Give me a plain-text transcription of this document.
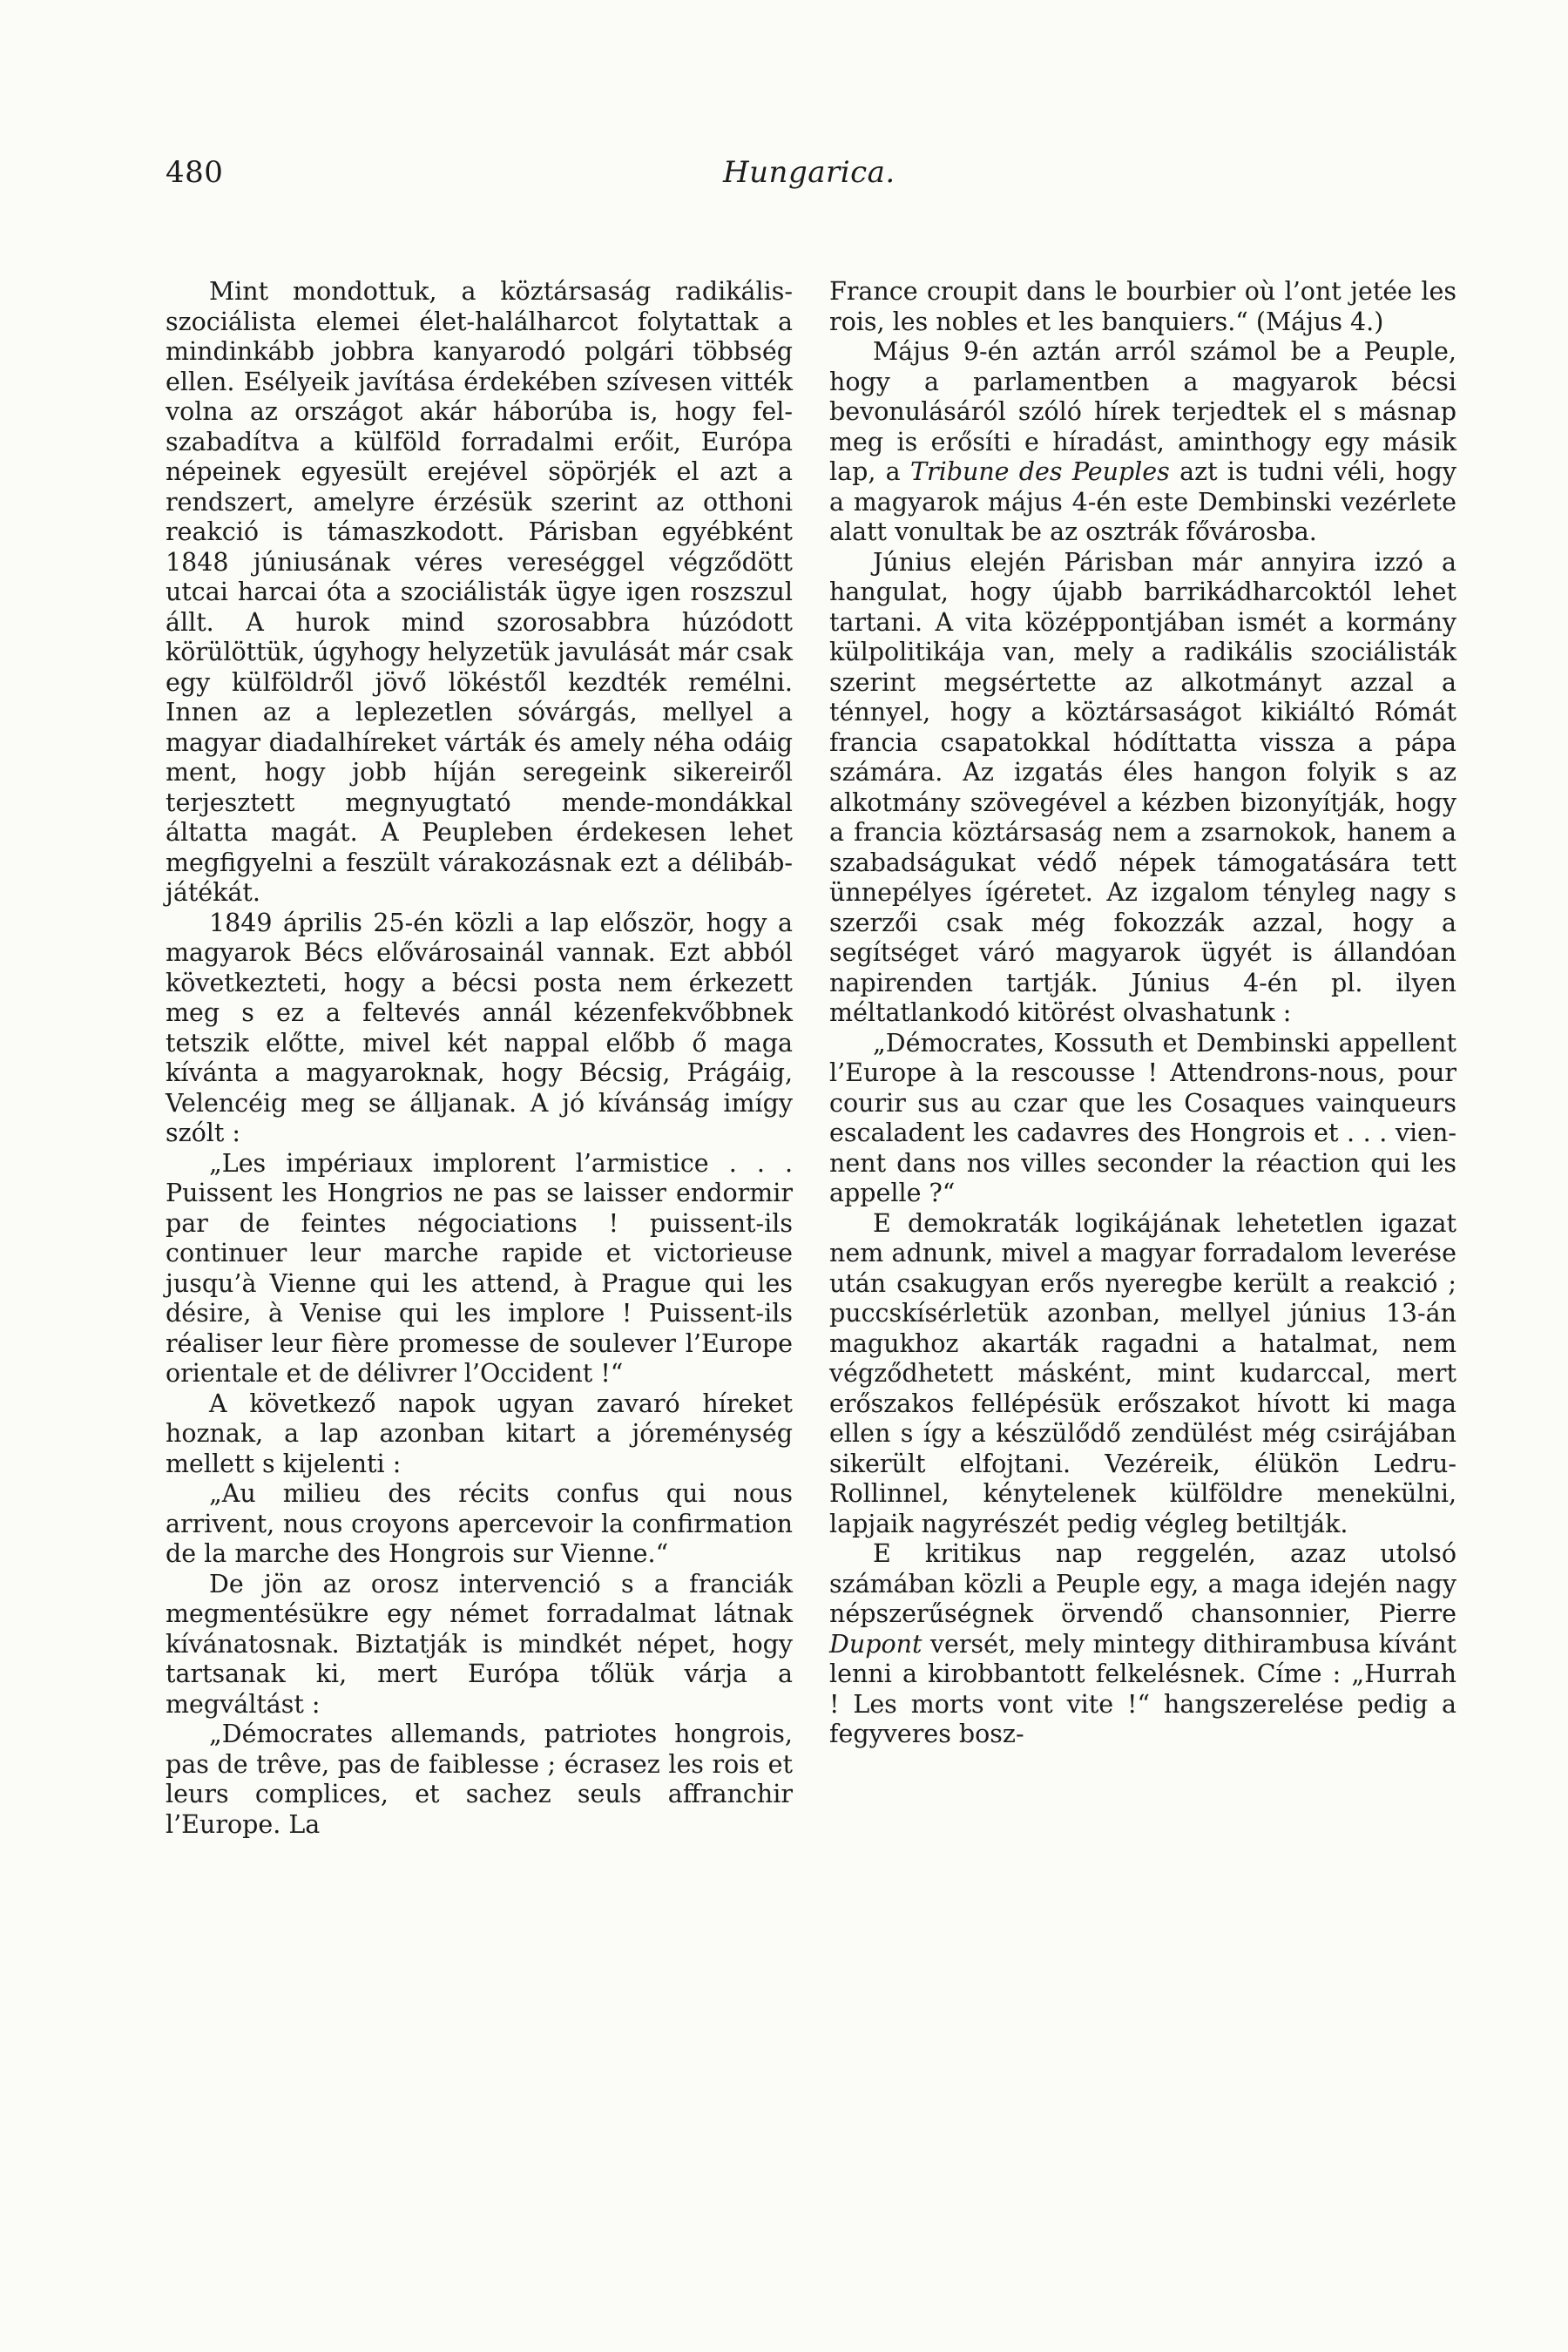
480	Hungarica.

Mint mondottuk, a köztársaság radikális-szociálista elemei élet-halálharcot folytattak a mindinkább jobbra kanyarodó polgári többség ellen. Esélyeik javítása érdekében szívesen vitték volna az országot akár háborúba is, hogy felszabadítva a külföld forradalmi erőit, Európa népeinek egyesült erejével söpörjék el azt a rendszert, amelyre érzésük szerint az otthoni reakció is támaszkodott. Párisban egyébként 1848 júniusának véres vereséggel végződött utcai harcai óta a szociálisták ügye igen roszszul állt. A hurok mind szorosabbra húzódott körülöttük, úgyhogy helyzetük javulását már csak egy külföldről jövő lökéstől kezdték remélni. Innen az a leplezetlen sóvárgás, mellyel a magyar diadalhíreket várták és amely néha odáig ment, hogy jobb híján seregeink sikereiről terjesztett megnyugtató mende-mondákkal áltatta magát. A Peupleben érdekesen lehet megfigyelni a feszült várakozásnak ezt a délibábjátékát.

1849 április 25-én közli a lap először, hogy a magyarok Bécs elővárosainál vannak. Ezt abból következteti, hogy a bécsi posta nem érkezett meg s ez a feltevés annál kézenfekvőbbnek tetszik előtte, mivel két nappal előbb ő maga kívánta a magyaroknak, hogy Bécsig, Prágáig, Velencéig meg se álljanak. A jó kívánság imígy szólt :

„Les impériaux implorent l’armistice . . . Puissent les Hongrios ne pas se laisser endormir par de feintes négociations ! puissent-ils continuer leur marche rapide et victorieuse jusqu’à Vienne qui les attend, à Prague qui les désire, à Venise qui les implore ! Puissent-ils réaliser leur fière promesse de soulever l’Europe orientale et de délivrer l’Occident !“

A következő napok ugyan zavaró híreket hoznak, a lap azonban kitart a jóreménység mellett s kijelenti :

„Au milieu des récits confus qui nous arrivent, nous croyons apercevoir la confirmation de la marche des Hongrois sur Vienne.“

De jön az orosz intervenció s a franciák megmentésükre egy német forradalmat látnak kívánatosnak. Biztatják is mindkét népet, hogy tartsanak ki, mert Európa tőlük várja a megváltást :

„Démocrates allemands, patriotes hongrois, pas de trêve, pas de faiblesse ; écrasez les rois et leurs complices, et sachez seuls affranchir l’Europe. La

France croupit dans le bourbier où l’ont jetée les rois, les nobles et les banquiers.“ (Május 4.)

Május 9-én aztán arról számol be a Peuple, hogy a parlamentben a magyarok bécsi bevonulásáról szóló hírek terjedtek el s másnap meg is erősíti e híradást, aminthogy egy másik lap, a Tribune des Peuples azt is tudni véli, hogy a magyarok május 4-én este Dembinski vezérlete alatt vonultak be az osztrák fővárosba.

Június elején Párisban már annyira izzó a hangulat, hogy újabb barrikádharcoktól lehet tartani. A vita középpontjában ismét a kormány külpolitikája van, mely a radikális szociálisták szerint megsértette az alkotmányt azzal a ténnyel, hogy a köztársaságot kikiáltó Rómát francia csapatokkal hódíttatta vissza a pápa számára. Az izgatás éles hangon folyik s az alkotmány szövegével a kézben bizonyítják, hogy a francia köztársaság nem a zsarnokok, hanem a szabadságukat védő népek támogatására tett ünnepélyes ígéretet. Az izgalom tényleg nagy s szerzői csak még fokozzák azzal, hogy a segítséget váró magyarok ügyét is állandóan napirenden tartják. Június 4-én pl. ilyen méltatlankodó kitörést olvashatunk :

„Démocrates, Kossuth et Dembinski appellent l’Europe à la rescousse ! Attendrons-nous, pour courir sus au czar que les Cosaques vainqueurs escaladent les cadavres des Hongrois et . . . viennent dans nos villes seconder la réaction qui les appelle ?“

E demokraták logikájának lehetetlen igazat nem adnunk, mivel a magyar forradalom leverése után csakugyan erős nyeregbe került a reakció ; puccskísérletük azonban, mellyel június 13-án magukhoz akarták ragadni a hatalmat, nem végződhetett másként, mint kudarccal, mert erőszakos fellépésük erőszakot hívott ki maga ellen s így a készülődő zendülést még csirájában sikerült elfojtani. Vezéreik, élükön Ledru-Rollinnel, kénytelenek külföldre menekülni, lapjaik nagyrészét pedig végleg betiltják.

E kritikus nap reggelén, azaz utolsó számában közli a Peuple egy, a maga idején nagy népszerűségnek örvendő chansonnier, Pierre Dupont versét, mely mintegy dithirambusa kívánt lenni a kirobbantott felkelésnek. Címe : „Hurrah ! Les morts vont vite !“ hangszerelése pedig a fegyveres bosz-
